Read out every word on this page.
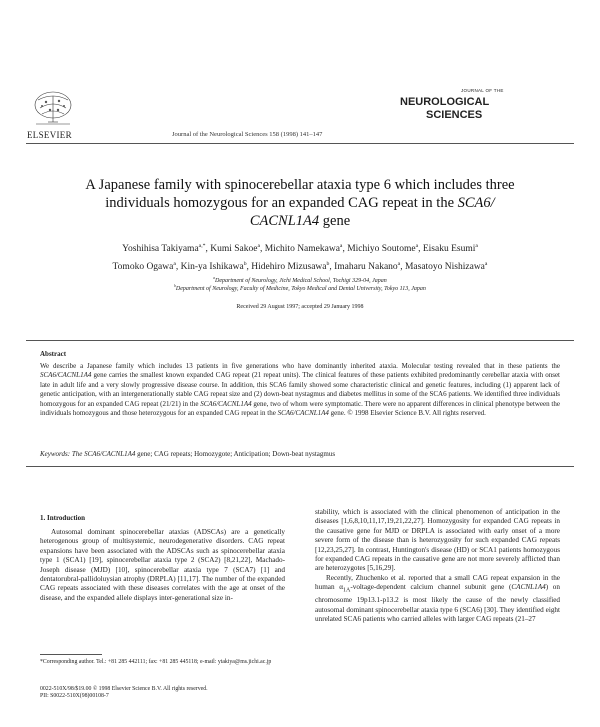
ELSEVIER	Journal of the Neurological Sciences 158 (1998) 141–147
JOURNAL OF THE
NEUROLOGICAL
SCIENCES
A Japanese family with spinocerebellar ataxia type 6 which includes three
individuals homozygous for an expanded CAG repeat in the SCA6/
CACNL1A4 gene
Yoshihisa Takiyama$^{a,*}$, Kumi Sakoe$^a$, Michito Namekawa$^a$, Michiyo Soutome$^a$, Eisaku Esumi$^a$
Tomoko Ogawa$^a$, Kin-ya Ishikawa$^b$, Hidehiro Mizusawa$^b$, Imaharu Nakano$^a$, Masatoyo Nishizawa$^a$
$^a$Department of Neurology, Jichi Medical School, Tochigi 329-04, Japan
$^b$Department of Neurology, Faculty of Medicine, Tokyo Medical and Dental University, Tokyo 113, Japan
Received 29 August 1997; accepted 29 January 1998
Abstract
We describe a Japanese family which includes 13 patients in five generations who have dominantly inherited ataxia. Molecular testing revealed that in these patients the SCA6/CACNL1A4 gene carries the smallest known expanded CAG repeat (21 repeat units). The clinical features of these patients exhibited predominantly cerebellar ataxia with onset late in adult life and a very slowly progressive disease course. In addition, this SCA6 family showed some characteristic clinical and genetic features, including (1) apparent lack of genetic anticipation, with an intergenerationally stable CAG repeat size and (2) down-beat nystagmus and diabetes mellitus in some of the SCA6 patients. We identified three individuals homozygous for an expanded CAG repeat (21/21) in the SCA6/CACNL1A4 gene, two of whom were symptomatic. There were no apparent differences in clinical phenotype between the individuals homozygous and those heterozygous for an expanded CAG repeat in the SCA6/CACNL1A4 gene. © 1998 Elsevier Science B.V. All rights reserved.
Keywords: The SCA6/CACNL1A4 gene; CAG repeats; Homozygote; Anticipation; Down-beat nystagmus
1. Introduction

Autosomal dominant spinocerebellar ataxias (ADSCAs) are a genetically heterogenous group of multisystemic, neurodegenerative disorders. CAG repeat expansions have been associated with the ADSCAs such as spinocerebellar ataxia type 1 (SCA1) [19], spinocerebellar ataxia type 2 (SCA2) [8,21,22], Machado-Joseph disease (MJD) [10], spinocerebellar ataxia type 7 (SCA7) [1] and dentatorubral-pallidoluysian atrophy (DRPLA) [11,17]. The number of the expanded CAG repeats associated with these diseases correlates with the age at onset of the disease, and the expanded allele displays inter-generational size in-

stability, which is associated with the clinical phenomenon of anticipation in the diseases [1,6,8,10,11,17,19,21,22,27]. Homozygosity for expanded CAG repeats in the causative gene for MJD or DRPLA is associated with early onset of a more severe form of the disease than is heterozygosity for such expanded CAG repeats [12,23,25,27]. In contrast, Huntington's disease (HD) or SCA1 patients homozygous for expanded CAG repeats in the causative gene are not more severely afflicted than are heterozygotes [5,16,29].

Recently, Zhuchenko et al. reported that a small CAG repeat expansion in the human $\alpha_{1A}-voltage$-dependent calcium channel subunit gene (CACNL1A4) on chromosome 19p13.1-p13.2 is most likely the cause of the newly classified autosomal dominant spinocerebellar ataxia type 6 (SCA6) [30]. They identified eight unrelated SCA6 patients who carried alleles with larger CAG repeats (21–27

*Corresponding author. Tel.: +81 285 442111; fax: +81 285 445118; e-mail: ytakiya@ms.jichi.ac.jp
0022-510X/98/$19.00 © 1998 Elsevier Science B.V. All rights reserved.
PII: S0022-510X(98)00108-7
